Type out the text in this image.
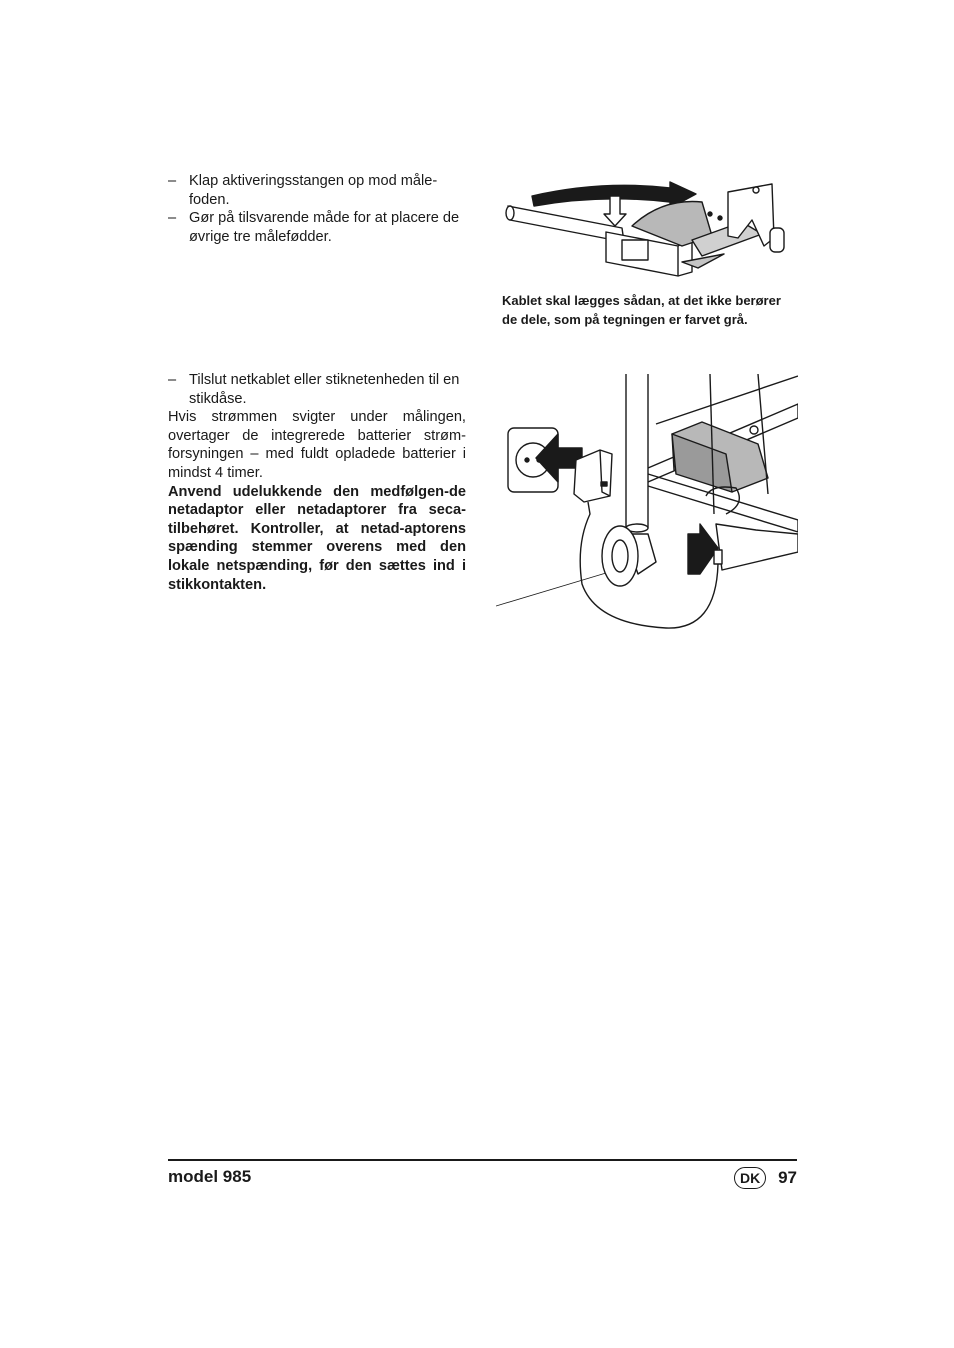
– Klap aktiveringsstangen op mod måle-foden.
– Gør på tilsvarende måde for at placere de øvrige tre målefødder.
Kablet skal lægges sådan, at det ikke berører de dele, som på tegningen er farvet grå.
– Tilslut netkablet eller stiknetenheden til en stikdåse.

Hvis strømmen svigter under målingen, overtager de integrerede batterier strøm-forsyningen – med fuldt opladede batterier i mindst 4 timer.

Anvend udelukkende den medfølgen-de netadaptor eller netadaptorer fra seca-tilbehøret. Kontroller, at netad-aptorens spænding stemmer overens med den lokale netspænding, før den sættes ind i stikkontakten.

model 985	DK	97
